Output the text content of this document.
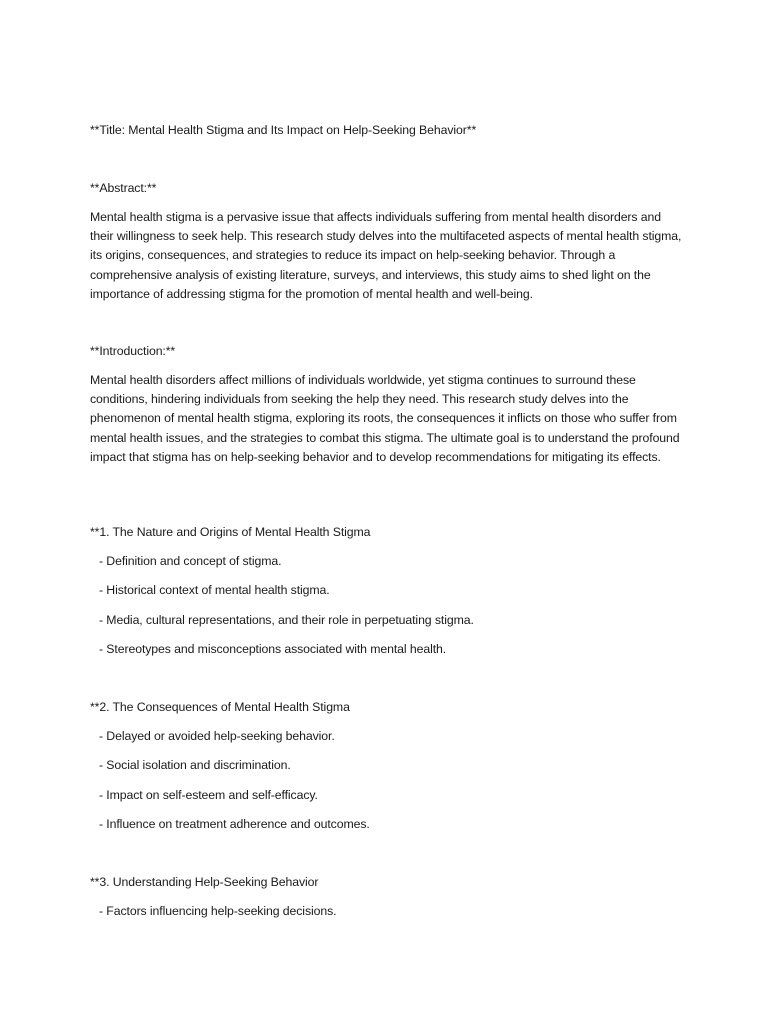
**Title: Mental Health Stigma and Its Impact on Help-Seeking Behavior**
**Abstract:**
Mental health stigma is a pervasive issue that affects individuals suffering from mental health disorders and their willingness to seek help. This research study delves into the multifaceted aspects of mental health stigma, its origins, consequences, and strategies to reduce its impact on help-seeking behavior. Through a comprehensive analysis of existing literature, surveys, and interviews, this study aims to shed light on the importance of addressing stigma for the promotion of mental health and well-being.
**Introduction:**
Mental health disorders affect millions of individuals worldwide, yet stigma continues to surround these conditions, hindering individuals from seeking the help they need. This research study delves into the phenomenon of mental health stigma, exploring its roots, the consequences it inflicts on those who suffer from mental health issues, and the strategies to combat this stigma. The ultimate goal is to understand the profound impact that stigma has on help-seeking behavior and to develop recommendations for mitigating its effects.
**1. The Nature and Origins of Mental Health Stigma
- Definition and concept of stigma.
- Historical context of mental health stigma.
- Media, cultural representations, and their role in perpetuating stigma.
- Stereotypes and misconceptions associated with mental health.
**2. The Consequences of Mental Health Stigma
- Delayed or avoided help-seeking behavior.
- Social isolation and discrimination.
- Impact on self-esteem and self-efficacy.
- Influence on treatment adherence and outcomes.
**3. Understanding Help-Seeking Behavior
- Factors influencing help-seeking decisions.
